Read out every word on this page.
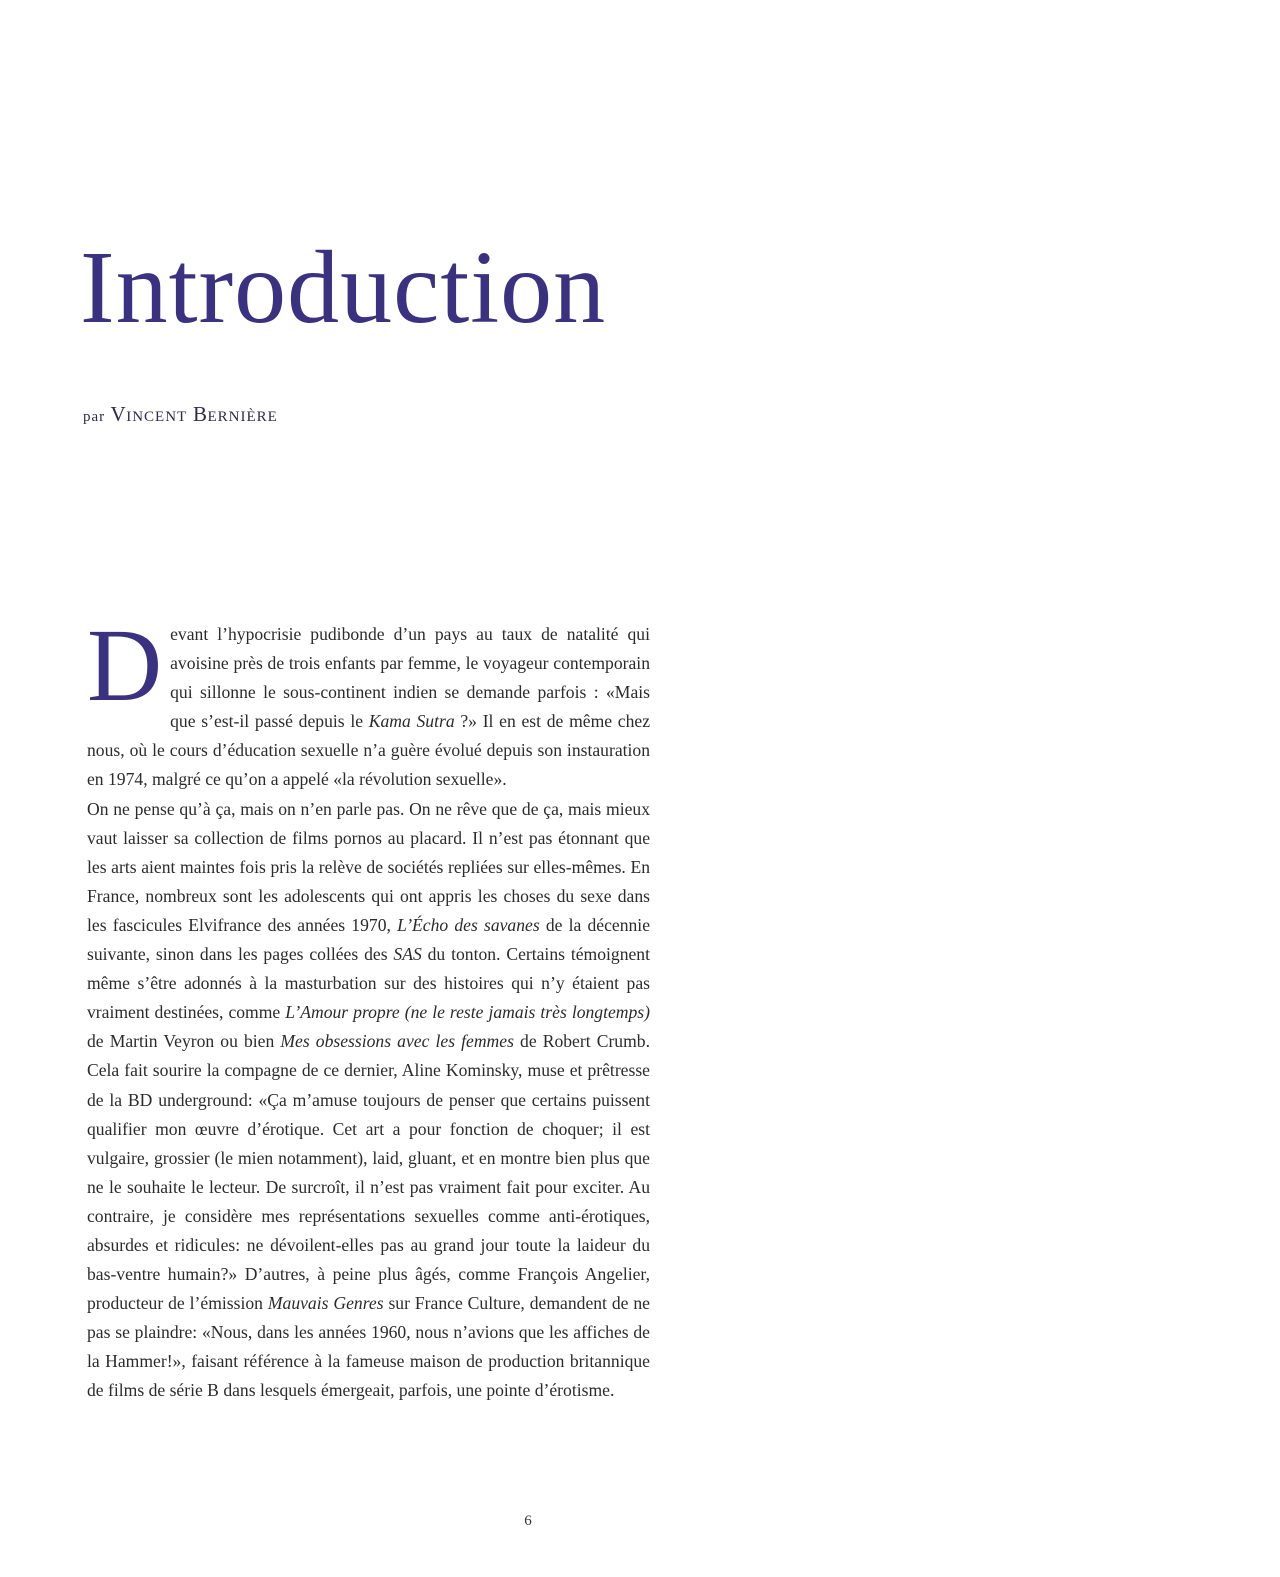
Introduction
par VINCENT BERNIÈRE

Devant l’hypocrisie pudibonde d’un pays au taux de natalité qui avoisine près de trois enfants par femme, le voyageur contemporain qui sillonne le sous-continent indien se demande parfois : «Mais que s’est-il passé depuis le Kama Sutra ?» Il en est de même chez nous, où le cours d’éducation sexuelle n’a guère évolué depuis son instauration en 1974, malgré ce qu’on a appelé «la révolution sexuelle».

On ne pense qu’à ça, mais on n’en parle pas. On ne rêve que de ça, mais mieux vaut laisser sa collection de films pornos au placard. Il n’est pas étonnant que les arts aient maintes fois pris la relève de sociétés repliées sur elles-mêmes. En France, nombreux sont les adolescents qui ont appris les choses du sexe dans les fascicules Elvifrance des années 1970, L’Écho des savanes de la décennie suivante, sinon dans les pages collées des SAS du tonton. Certains témoignent même s’être adonnés à la masturbation sur des histoires qui n’y étaient pas vraiment destinées, comme L’Amour propre (ne le reste jamais très longtemps) de Martin Veyron ou bien Mes obsessions avec les femmes de Robert Crumb. Cela fait sourire la compagne de ce dernier, Aline Kominsky, muse et prêtresse de la BD underground: «Ça m’amuse toujours de penser que certains puissent qualifier mon œuvre d’érotique. Cet art a pour fonction de choquer; il est vulgaire, grossier (le mien notamment), laid, gluant, et en montre bien plus que ne le souhaite le lecteur. De surcroît, il n’est pas vraiment fait pour exciter. Au contraire, je considère mes représentations sexuelles comme anti-érotiques, absurdes et ridicules: ne dévoilent-elles pas au grand jour toute la laideur du bas-ventre humain?» D’autres, à peine plus âgés, comme François Angelier, producteur de l’émission Mauvais Genres sur France Culture, demandent de ne pas se plaindre: «Nous, dans les années 1960, nous n’avions que les affiches de la Hammer!», faisant référence à la fameuse maison de production britannique de films de série B dans lesquels émergeait, parfois, une pointe d’érotisme.

6
